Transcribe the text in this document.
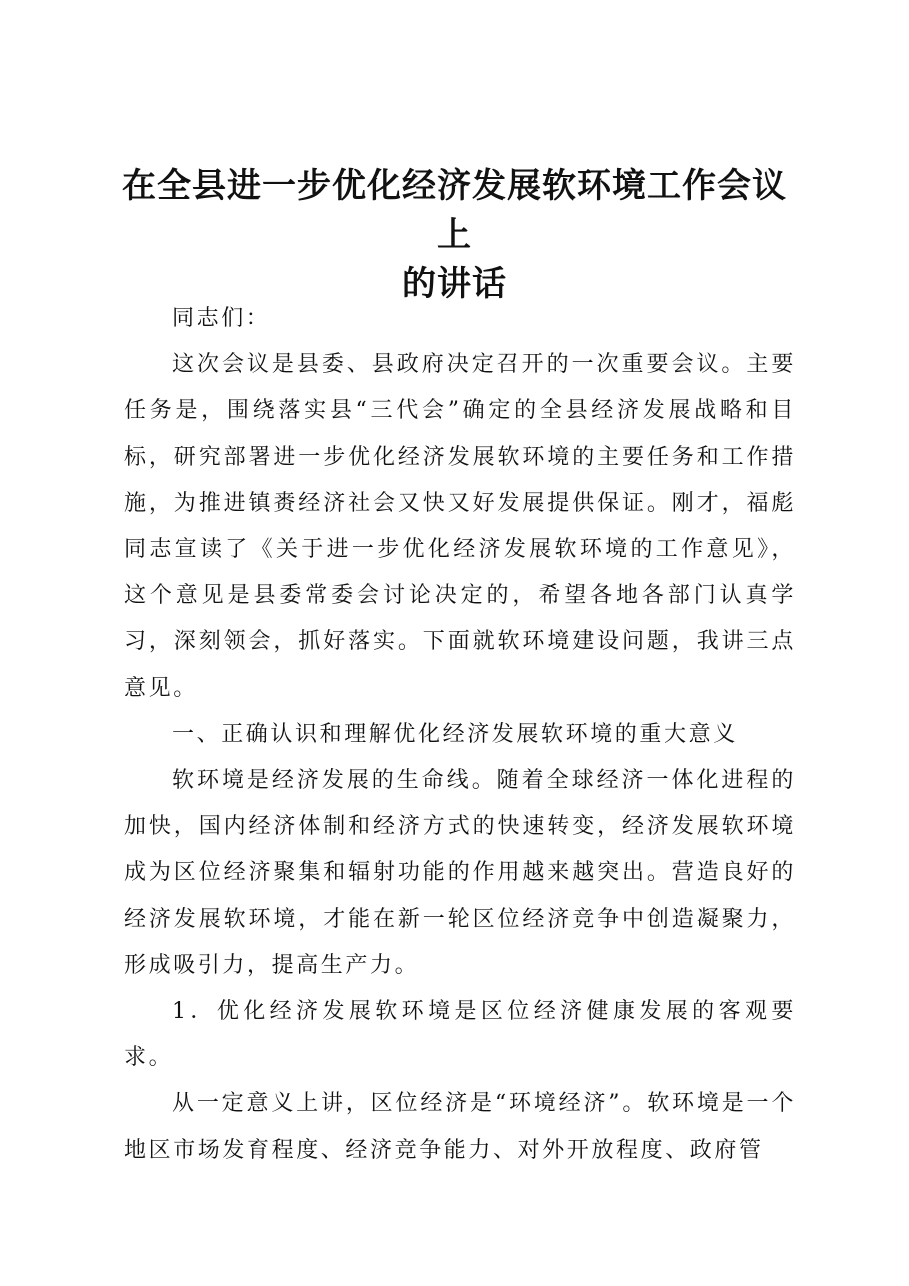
在全县进一步优化经济发展软环境工作会议上
的讲话

同志们：

这次会议是县委、县政府决定召开的一次重要会议。主要任务是，围绕落实县“三代会”确定的全县经济发展战略和目标，研究部署进一步优化经济发展软环境的主要任务和工作措施，为推进镇赉经济社会又快又好发展提供保证。刚才，福彪同志宣读了《关于进一步优化经济发展软环境的工作意见》，这个意见是县委常委会讨论决定的，希望各地各部门认真学习，深刻领会，抓好落实。下面就软环境建设问题，我讲三点意见。

一、正确认识和理解优化经济发展软环境的重大意义

软环境是经济发展的生命线。随着全球经济一体化进程的加快，国内经济体制和经济方式的快速转变，经济发展软环境成为区位经济聚集和辐射功能的作用越来越突出。营造良好的经济发展软环境，才能在新一轮区位经济竞争中创造凝聚力，形成吸引力，提高生产力。

1．优化经济发展软环境是区位经济健康发展的客观要求。

从一定意义上讲，区位经济是“环境经济”。软环境是一个地区市场发育程度、经济竞争能力、对外开放程度、政府管
